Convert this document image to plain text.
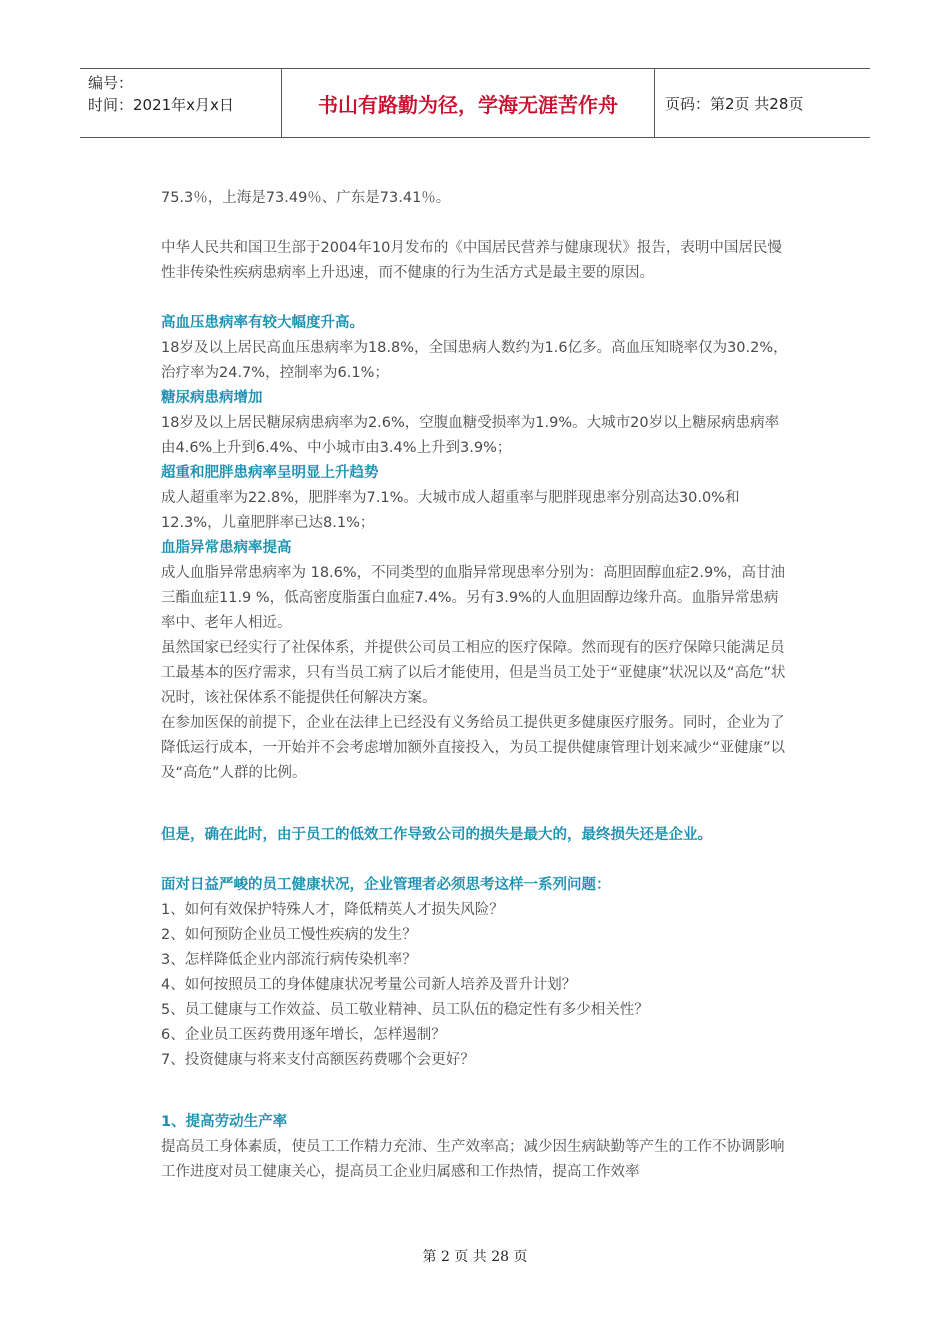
编号：
时间：2021年x月x日	书山有路勤为径，学海无涯苦作舟	页码：第2页 共28页

75.3％，上海是73.49％、广东是73.41％。

中华人民共和国卫生部于2004年10月发布的《中国居民营养与健康现状》报告，表明中国居民慢性非传染性疾病患病率上升迅速，而不健康的行为生活方式是最主要的原因。

高血压患病率有较大幅度升高。

18岁及以上居民高血压患病率为18.8%，全国患病人数约为1.6亿多。高血压知晓率仅为30.2%，治疗率为24.7%，控制率为6.1%；

糖尿病患病增加

18岁及以上居民糖尿病患病率为2.6%，空腹血糖受损率为1.9%。大城市20岁以上糖尿病患病率由4.6%上升到6.4%、中小城市由3.4%上升到3.9%；

超重和肥胖患病率呈明显上升趋势

成人超重率为22.8%，肥胖率为7.1%。大城市成人超重率与肥胖现患率分别高达30.0%和12.3%，儿童肥胖率已达8.1%；

血脂异常患病率提高

成人血脂异常患病率为 18.6%，不同类型的血脂异常现患率分别为：高胆固醇血症2.9%，高甘油三酯血症11.9 %，低高密度脂蛋白血症7.4%。另有3.9%的人血胆固醇边缘升高。血脂异常患病率中、老年人相近。

虽然国家已经实行了社保体系，并提供公司员工相应的医疗保障。然而现有的医疗保障只能满足员工最基本的医疗需求，只有当员工病了以后才能使用，但是当员工处于“亚健康”状况以及“高危”状况时，该社保体系不能提供任何解决方案。

在参加医保的前提下，企业在法律上已经没有义务给员工提供更多健康医疗服务。同时，企业为了降低运行成本，一开始并不会考虑增加额外直接投入，为员工提供健康管理计划来减少“亚健康”以及“高危”人群的比例。

但是，确在此时，由于员工的低效工作导致公司的损失是最大的，最终损失还是企业。

面对日益严峻的员工健康状况，企业管理者必须思考这样一系列问题：

1、如何有效保护特殊人才，降低精英人才损失风险？

2、如何预防企业员工慢性疾病的发生？

3、怎样降低企业内部流行病传染机率？

4、如何按照员工的身体健康状况考量公司新人培养及晋升计划？

5、员工健康与工作效益、员工敬业精神、员工队伍的稳定性有多少相关性？

6、企业员工医药费用逐年增长，怎样遏制？

7、投资健康与将来支付高额医药费哪个会更好？

1、提高劳动生产率

提高员工身体素质，使员工工作精力充沛、生产效率高；减少因生病缺勤等产生的工作不协调影响工作进度对员工健康关心，提高员工企业归属感和工作热情，提高工作效率

第 2 页 共 28 页
